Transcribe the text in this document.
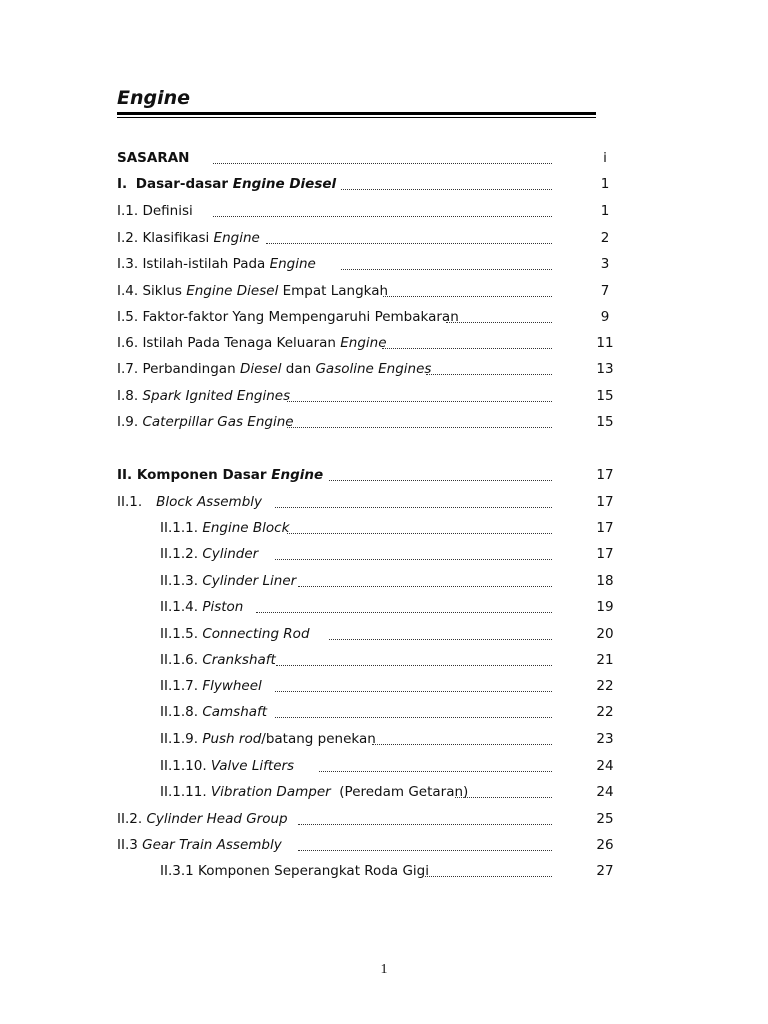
Engine
SASARAN	i
I. Dasar-dasar Engine Diesel	1
I.1. Definisi	1
I.2. Klasifikasi Engine	2
I.3. Istilah-istilah Pada Engine	3
I.4. Siklus Engine Diesel Empat Langkah	7
I.5. Faktor-faktor Yang Mempengaruhi Pembakaran	9
I.6. Istilah Pada Tenaga Keluaran Engine	11
I.7. Perbandingan Diesel dan Gasoline Engines	13
I.8. Spark Ignited Engines	15
I.9. Caterpillar Gas Engine	15
II. Komponen Dasar Engine	17
II.1. Block Assembly	17
II.1.1. Engine Block	17
II.1.2. Cylinder	17
II.1.3. Cylinder Liner	18
II.1.4. Piston	19
II.1.5. Connecting Rod	20
II.1.6. Crankshaft	21
II.1.7. Flywheel	22
II.1.8. Camshaft	22
II.1.9. Push rod/batang penekan	23
II.1.10. Valve Lifters	24
II.1.11. Vibration Damper  (Peredam Getaran)	24
II.2. Cylinder Head Group	25
II.3 Gear Train Assembly	26
II.3.1 Komponen Seperangkat Roda Gigi	27
1
